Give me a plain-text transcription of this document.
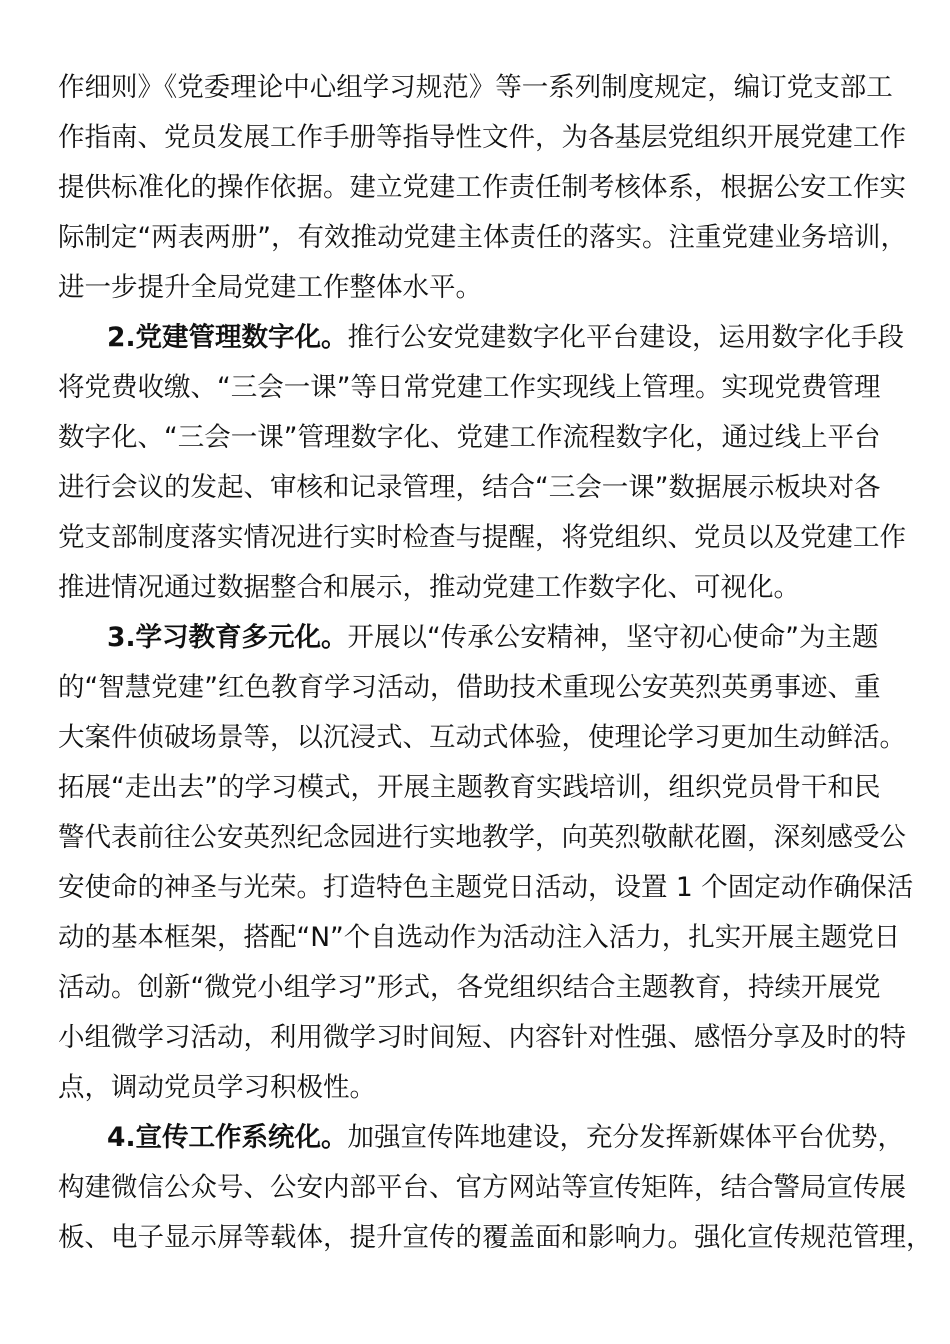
作细则》《党委理论中心组学习规范》等一系列制度规定，编订党支部工
作指南、党员发展工作手册等指导性文件，为各基层党组织开展党建工作
提供标准化的操作依据。建立党建工作责任制考核体系，根据公安工作实
际制定“两表两册”，有效推动党建主体责任的落实。注重党建业务培训，
进一步提升全局党建工作整体水平。
2.党建管理数字化。推行公安党建数字化平台建设，运用数字化手段
将党费收缴、“三会一课”等日常党建工作实现线上管理。实现党费管理
数字化、“三会一课”管理数字化、党建工作流程数字化，通过线上平台
进行会议的发起、审核和记录管理，结合“三会一课”数据展示板块对各
党支部制度落实情况进行实时检查与提醒，将党组织、党员以及党建工作
推进情况通过数据整合和展示，推动党建工作数字化、可视化。
3.学习教育多元化。开展以“传承公安精神，坚守初心使命”为主题
的“智慧党建”红色教育学习活动，借助技术重现公安英烈英勇事迹、重
大案件侦破场景等，以沉浸式、互动式体验，使理论学习更加生动鲜活。
拓展“走出去”的学习模式，开展主题教育实践培训，组织党员骨干和民
警代表前往公安英烈纪念园进行实地教学，向英烈敬献花圈，深刻感受公
安使命的神圣与光荣。打造特色主题党日活动，设置 1 个固定动作确保活
动的基本框架，搭配“N”个自选动作为活动注入活力，扎实开展主题党日
活动。创新“微党小组学习”形式，各党组织结合主题教育，持续开展党
小组微学习活动，利用微学习时间短、内容针对性强、感悟分享及时的特
点，调动党员学习积极性。
4.宣传工作系统化。加强宣传阵地建设，充分发挥新媒体平台优势，
构建微信公众号、公安内部平台、官方网站等宣传矩阵，结合警局宣传展
板、电子显示屏等载体，提升宣传的覆盖面和影响力。强化宣传规范管理，
